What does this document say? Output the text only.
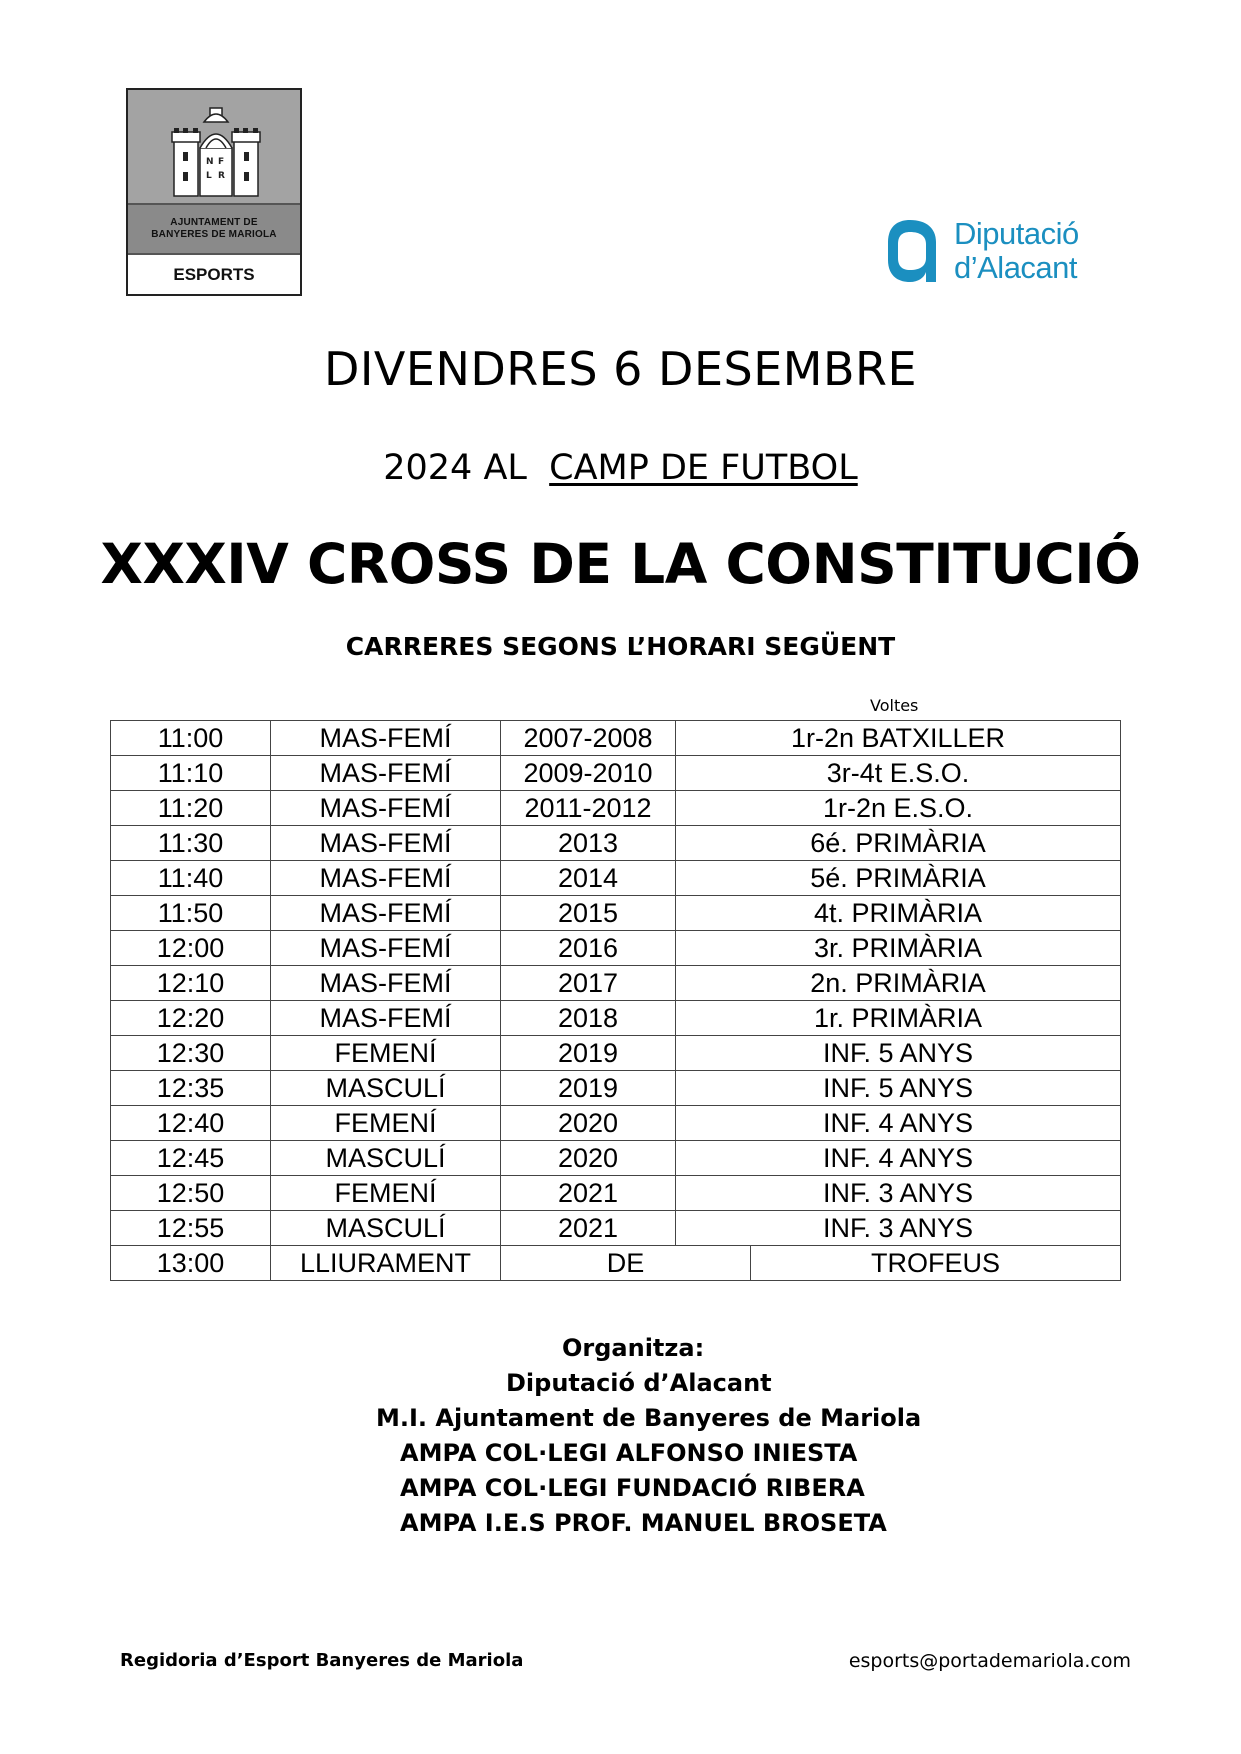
N F
L R
AJUNTAMENT DE
BANYERES DE MARIOLA
ESPORTS
Diputació
d’Alacant
DIVENDRES 6 DESEMBRE
2024 AL CAMP DE FUTBOL
XXXIV CROSS DE LA CONSTITUCIÓ
CARRERES SEGONS L’HORARI SEGÜENT
Voltes
11:00	MAS-FEMÍ	2007-2008	1r-2n BATXILLER	
11:10	MAS-FEMÍ	2009-2010	3r-4t E.S.O.	
11:20	MAS-FEMÍ	2011-2012	1r-2n E.S.O.	
11:30	MAS-FEMÍ	2013	6é. PRIMÀRIA	
11:40	MAS-FEMÍ	2014	5é. PRIMÀRIA	
11:50	MAS-FEMÍ	2015	4t. PRIMÀRIA	
12:00	MAS-FEMÍ	2016	3r. PRIMÀRIA	
12:10	MAS-FEMÍ	2017	2n. PRIMÀRIA	
12:20	MAS-FEMÍ	2018	1r. PRIMÀRIA	
12:30	FEMENÍ	2019	INF. 5 ANYS	
12:35	MASCULÍ	2019	INF. 5 ANYS	
12:40	FEMENÍ	2020	INF. 4 ANYS	
12:45	MASCULÍ	2020	INF. 4 ANYS	
12:50	FEMENÍ	2021	INF. 3 ANYS	
12:55	MASCULÍ	2021	INF. 3 ANYS	
13:00	LLIURAMENT	DE		TROFEUS
Organitza:
Diputació d’Alacant
M.I. Ajuntament de Banyeres de Mariola
AMPA COL·LEGI ALFONSO INIESTA
AMPA COL·LEGI FUNDACIÓ RIBERA
AMPA I.E.S PROF. MANUEL BROSETA
Regidoria d’Esport Banyeres de Mariola	esports@portademariola.com
